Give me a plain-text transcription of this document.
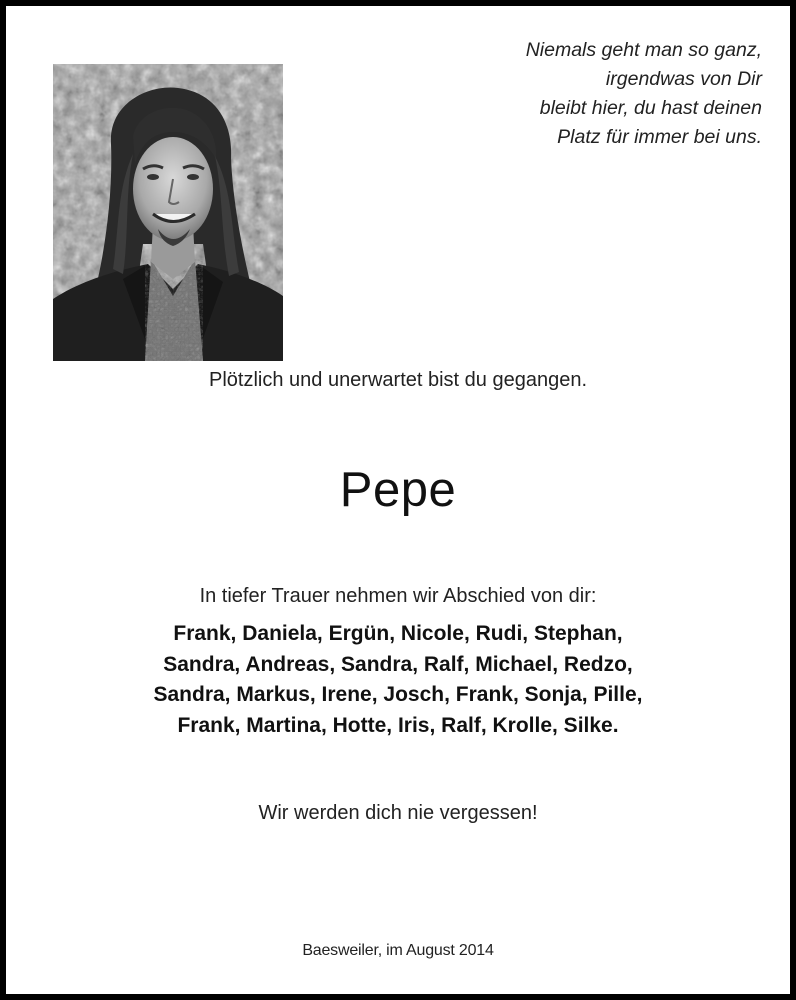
Niemals geht man so ganz,
irgendwas von Dir
bleibt hier, du hast deinen
Platz für immer bei uns.
Plötzlich und unerwartet bist du gegangen.
Pepe
In tiefer Trauer nehmen wir Abschied von dir:
Frank, Daniela, Ergün, Nicole, Rudi, Stephan,
Sandra, Andreas, Sandra, Ralf, Michael, Redzo,
Sandra, Markus, Irene, Josch, Frank, Sonja, Pille,
Frank, Martina, Hotte, Iris, Ralf, Krolle, Silke.
Wir werden dich nie vergessen!
Baesweiler, im August 2014
